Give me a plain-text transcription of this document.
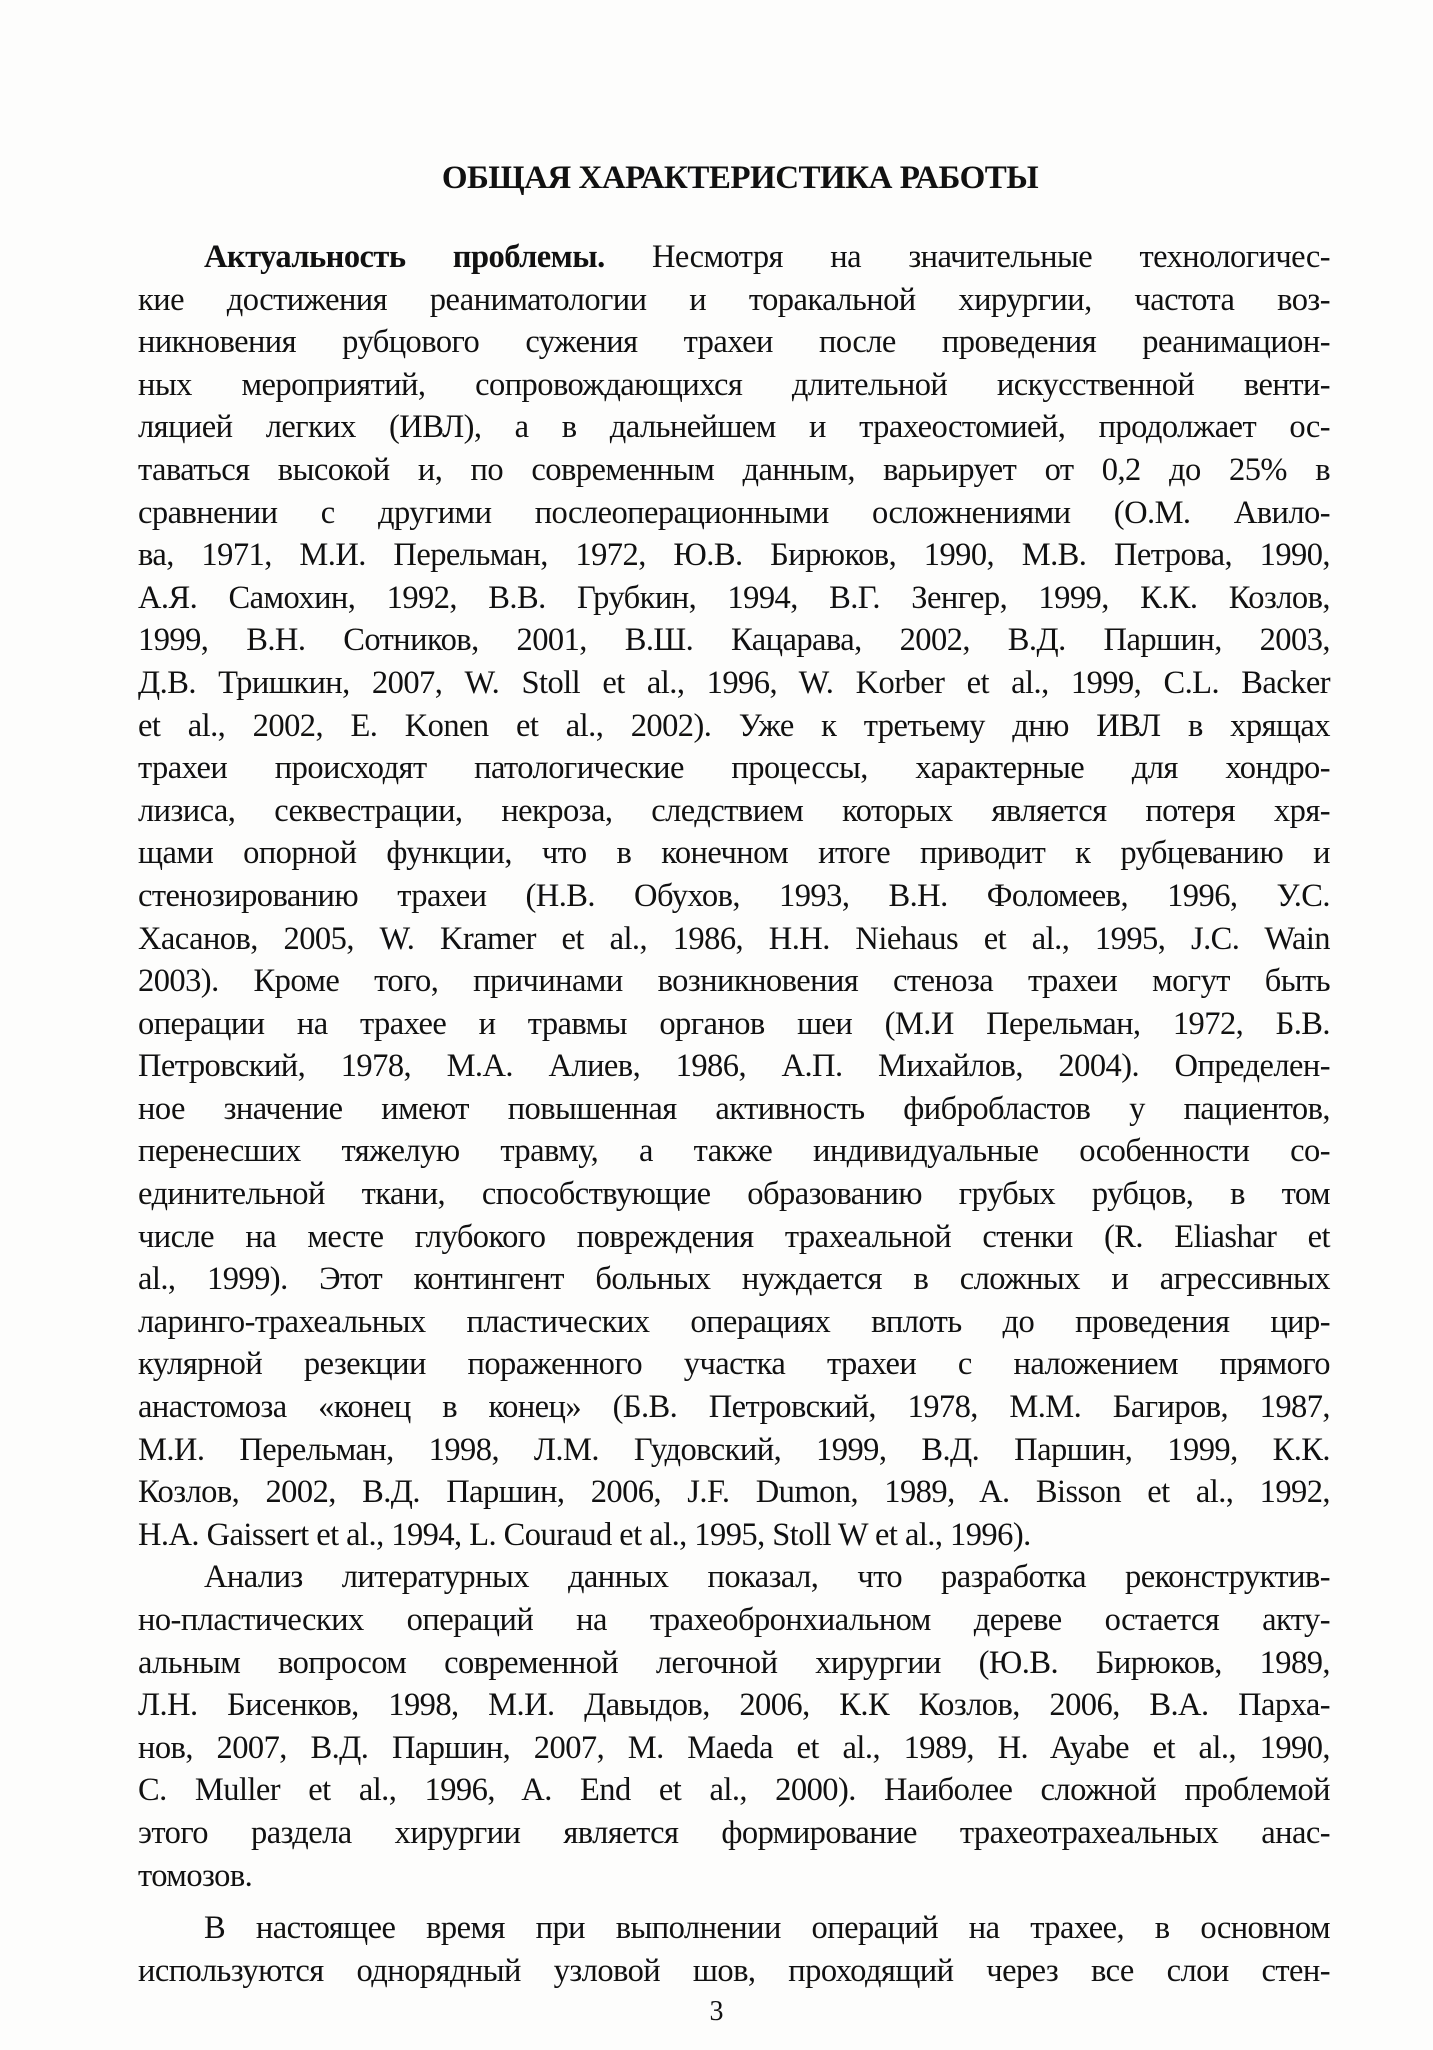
ОБЩАЯ ХАРАКТЕРИСТИКА РАБОТЫ
Актуальность проблемы. Несмотря на значительные технологичес-
кие достижения реаниматологии и торакальной хирургии, частота воз-
никновения рубцового сужения трахеи после проведения реанимацион-
ных мероприятий, сопровождающихся длительной искусственной венти-
ляцией легких (ИВЛ), а в дальнейшем и трахеостомией, продолжает ос-
таваться высокой и, по современным данным, варьирует от 0,2 до 25% в
сравнении с другими послеоперационными осложнениями (О.М. Авило-
ва, 1971, М.И. Перельман, 1972, Ю.В. Бирюков, 1990, М.В. Петрова, 1990,
А.Я. Самохин, 1992, В.В. Грубкин, 1994, В.Г. Зенгер, 1999, К.К. Козлов,
1999, В.Н. Сотников, 2001, В.Ш. Кацарава, 2002, В.Д. Паршин, 2003,
Д.В. Тришкин, 2007, W. Stoll et al., 1996, W. Korber et al., 1999, C.L. Backer
et al., 2002, E. Konen et al., 2002). Уже к третьему дню ИВЛ в хрящах
трахеи происходят патологические процессы, характерные для хондро-
лизиса, секвестрации, некроза, следствием которых является потеря хря-
щами опорной функции, что в конечном итоге приводит к рубцеванию и
стенозированию трахеи (Н.В. Обухов, 1993, В.Н. Фоломеев, 1996, У.С.
Хасанов, 2005, W. Kramer et al., 1986, H.H. Niehaus et al., 1995, J.C. Wain
2003). Кроме того, причинами возникновения стеноза трахеи могут быть
операции на трахее и травмы органов шеи (М.И Перельман, 1972, Б.В.
Петровский, 1978, М.А. Алиев, 1986, А.П. Михайлов, 2004). Определен-
ное значение имеют повышенная активность фибробластов у пациентов,
перенесших тяжелую травму, а также индивидуальные особенности со-
единительной ткани, способствующие образованию грубых рубцов, в том
числе на месте глубокого повреждения трахеальной стенки (R. Eliashar et
al., 1999). Этот контингент больных нуждается в сложных и агрессивных
ларинго-трахеальных пластических операциях вплоть до проведения цир-
кулярной резекции пораженного участка трахеи с наложением прямого
анастомоза «конец в конец» (Б.В. Петровский, 1978, М.М. Багиров, 1987,
М.И. Перельман, 1998, Л.М. Гудовский, 1999, В.Д. Паршин, 1999, К.К.
Козлов, 2002, В.Д. Паршин, 2006, J.F. Dumon, 1989, A. Bisson et al., 1992,
H.A. Gaissert et al., 1994, L. Couraud et al., 1995, Stoll W et al., 1996).
Анализ литературных данных показал, что разработка реконструктив-
но-пластических операций на трахеобронхиальном дереве остается акту-
альным вопросом современной легочной хирургии (Ю.В. Бирюков, 1989,
Л.Н. Бисенков, 1998, М.И. Давыдов, 2006, К.К Козлов, 2006, В.А. Парха-
нов, 2007, В.Д. Паршин, 2007, M. Maeda et al., 1989, H. Ayabe et al., 1990,
C. Muller et al., 1996, A. End et al., 2000). Наиболее сложной проблемой
этого раздела хирургии является формирование трахеотрахеальных анас-
томозов.
В настоящее время при выполнении операций на трахее, в основном
используются однорядный узловой шов, проходящий через все слои стен-
3
